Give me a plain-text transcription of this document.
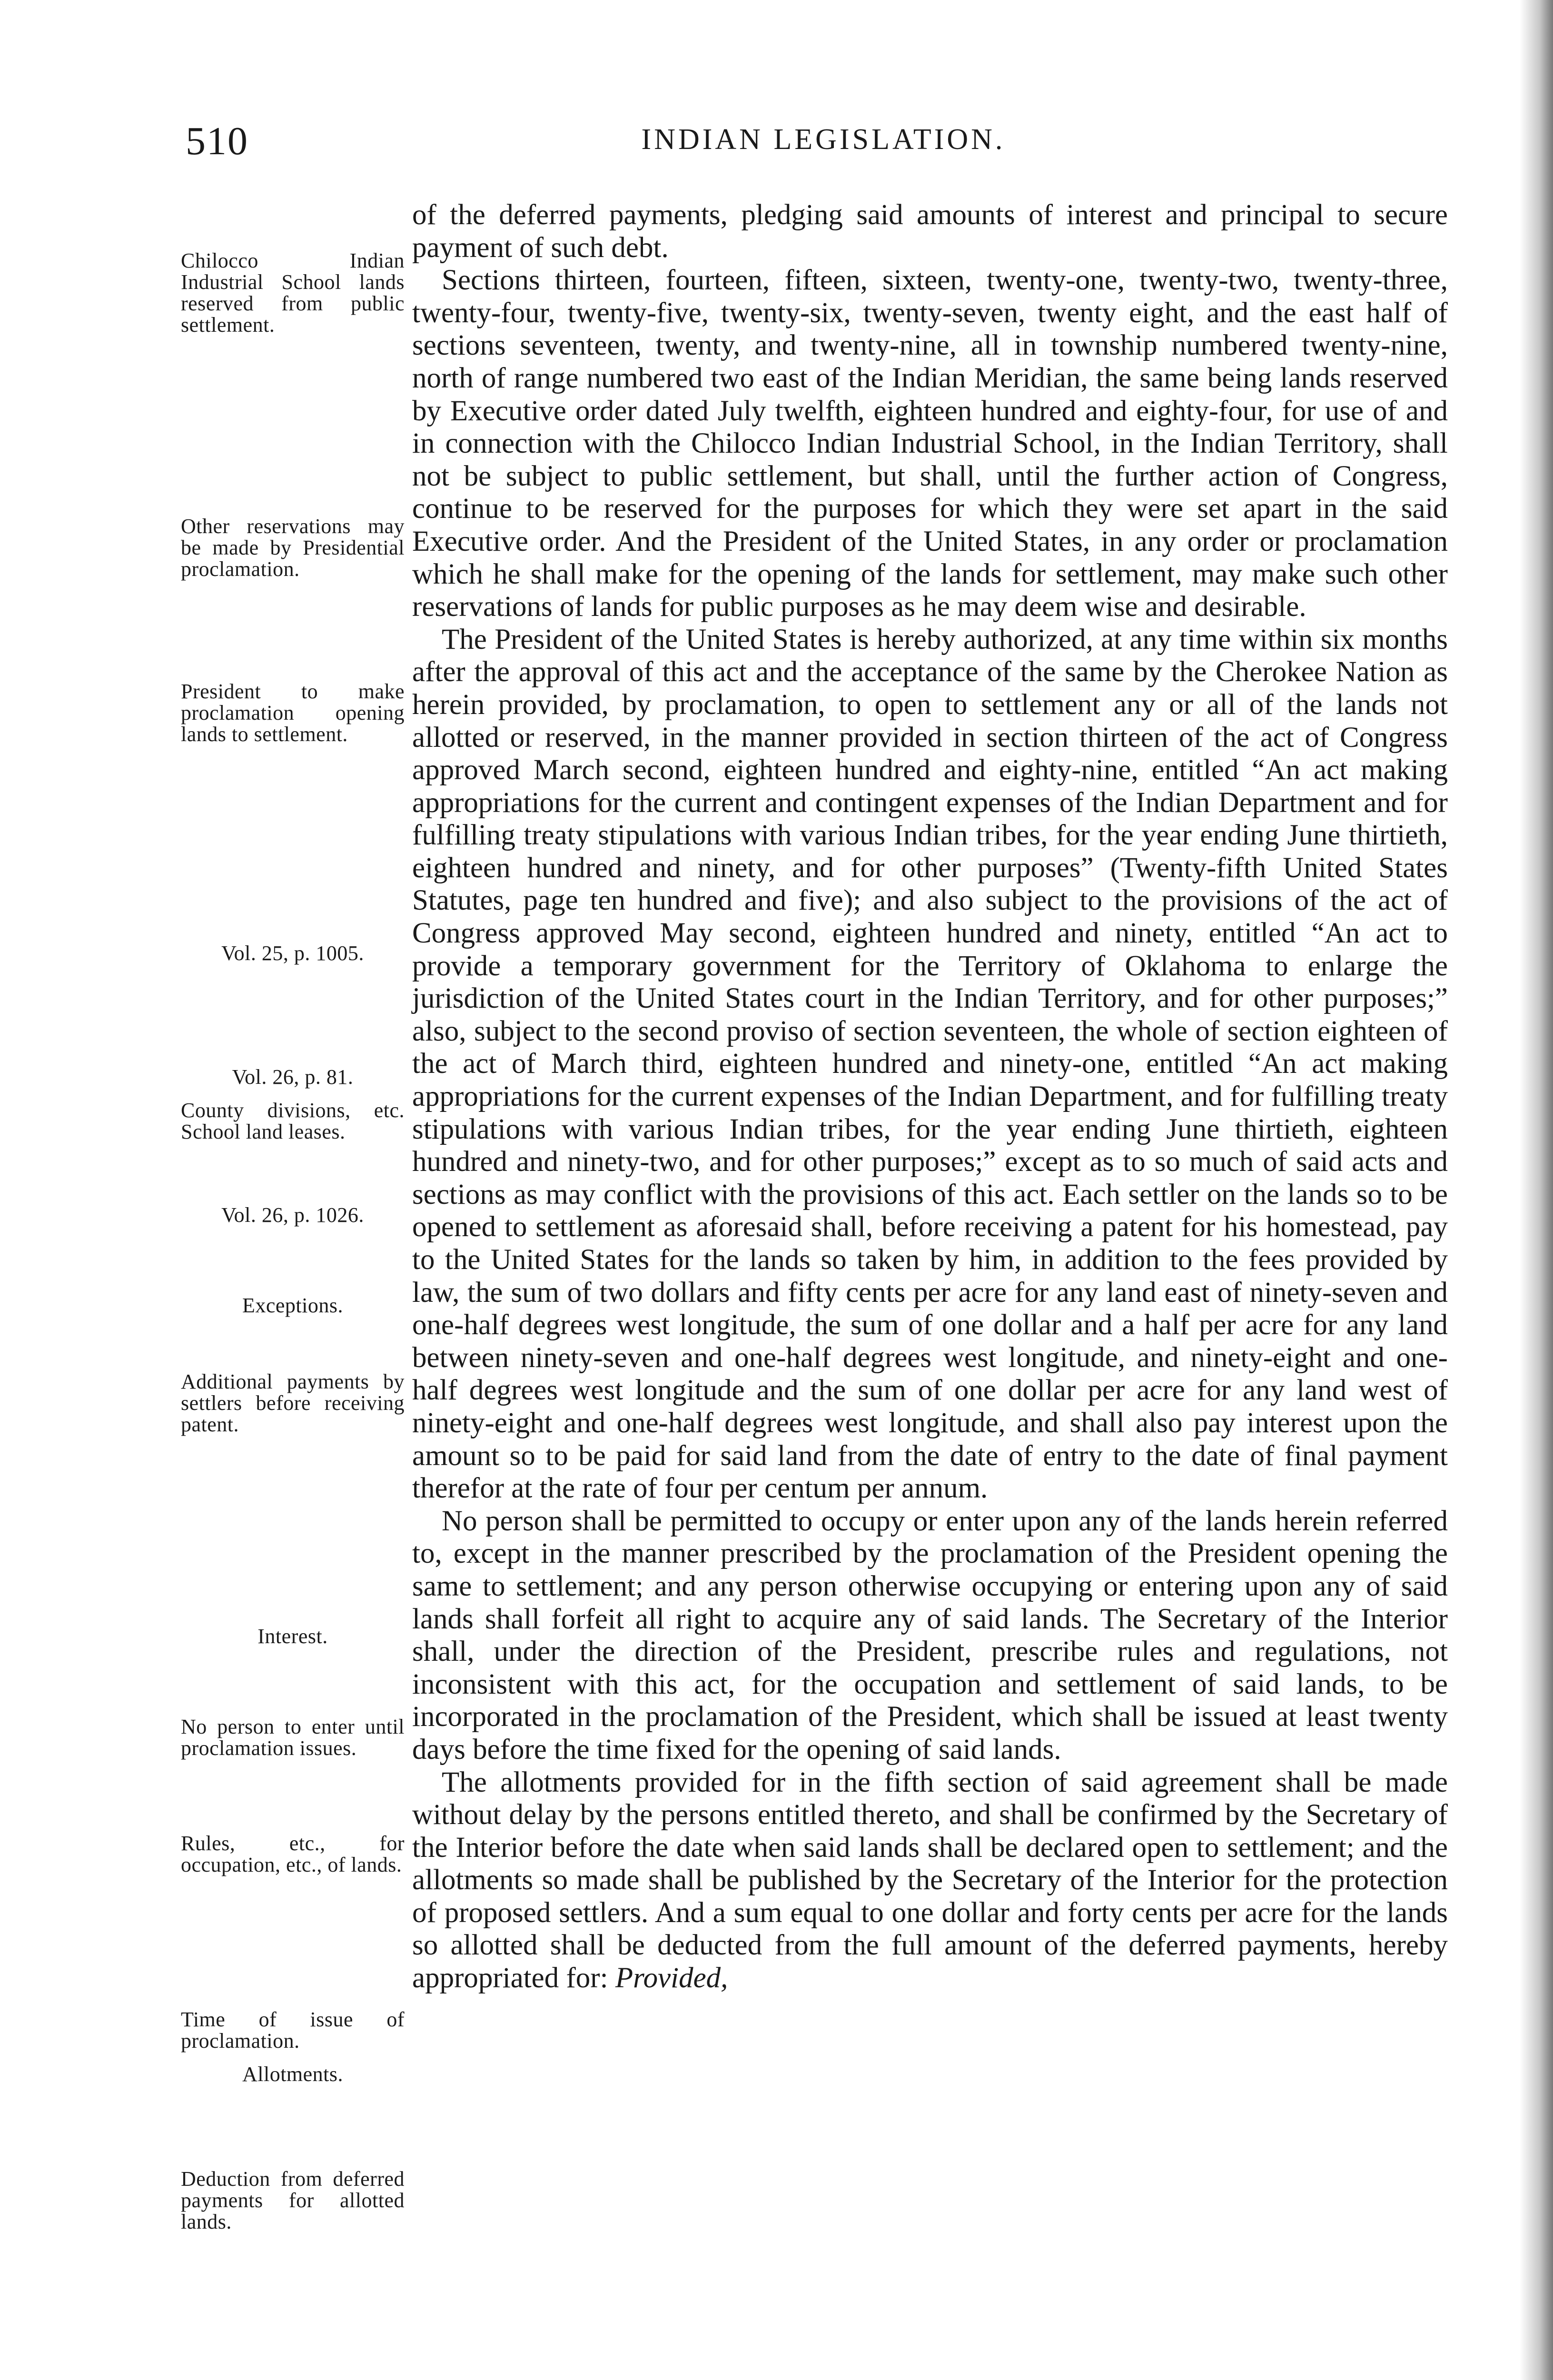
510	INDIAN LEGISLATION.
Chilocco Indian Industrial School lands reserved from public settlement.
Other reservations may be made by Presidential proclamation.
President to make proclamation opening lands to settlement.
Vol. 25, p. 1005.
Vol. 26, p. 81.
County divisions, etc. School land leases.
Vol. 26, p. 1026.
Exceptions.
Additional payments by settlers before receiving patent.
Interest.
No person to enter until proclamation issues.
Rules, etc., for occupation, etc., of lands.
Time of issue of proclamation.
Allotments.
Deduction from deferred payments for allotted lands.

of the deferred payments, pledging said amounts of interest and principal to secure payment of such debt.

Sections thirteen, fourteen, fifteen, sixteen, twenty-one, twenty-two, twenty-three, twenty-four, twenty-five, twenty-six, twenty-seven, twenty eight, and the east half of sections seventeen, twenty, and twenty-nine, all in township numbered twenty-nine, north of range numbered two east of the Indian Meridian, the same being lands reserved by Executive order dated July twelfth, eighteen hundred and eighty-four, for use of and in connection with the Chilocco Indian Industrial School, in the Indian Territory, shall not be subject to public settlement, but shall, until the further action of Congress, continue to be reserved for the purposes for which they were set apart in the said Executive order. And the President of the United States, in any order or proclamation which he shall make for the opening of the lands for settlement, may make such other reservations of lands for public purposes as he may deem wise and desirable.

The President of the United States is hereby authorized, at any time within six months after the approval of this act and the acceptance of the same by the Cherokee Nation as herein provided, by proclamation, to open to settlement any or all of the lands not allotted or reserved, in the manner provided in section thirteen of the act of Congress approved March second, eighteen hundred and eighty-nine, entitled “An act making appropriations for the current and contingent expenses of the Indian Department and for fulfilling treaty stipulations with various Indian tribes, for the year ending June thirtieth, eighteen hundred and ninety, and for other purposes” (Twenty-fifth United States Statutes, page ten hundred and five); and also subject to the provisions of the act of Congress approved May second, eighteen hundred and ninety, entitled “An act to provide a temporary government for the Territory of Oklahoma to enlarge the jurisdiction of the United States court in the Indian Territory, and for other purposes;” also, subject to the second proviso of section seventeen, the whole of section eighteen of the act of March third, eighteen hundred and ninety-one, entitled “An act making appropriations for the current expenses of the Indian Department, and for fulfilling treaty stipulations with various Indian tribes, for the year ending June thirtieth, eighteen hundred and ninety-two, and for other purposes;” except as to so much of said acts and sections as may conflict with the provisions of this act. Each settler on the lands so to be opened to settlement as aforesaid shall, before receiving a patent for his homestead, pay to the United States for the lands so taken by him, in addition to the fees provided by law, the sum of two dollars and fifty cents per acre for any land east of ninety-seven and one-half degrees west longitude, the sum of one dollar and a half per acre for any land between ninety-seven and one-half degrees west longitude, and ninety-eight and one-half degrees west longitude and the sum of one dollar per acre for any land west of ninety-eight and one-half degrees west longitude, and shall also pay interest upon the amount so to be paid for said land from the date of entry to the date of final payment therefor at the rate of four per centum per annum.

No person shall be permitted to occupy or enter upon any of the lands herein referred to, except in the manner prescribed by the proclamation of the President opening the same to settlement; and any person otherwise occupying or entering upon any of said lands shall forfeit all right to acquire any of said lands. The Secretary of the Interior shall, under the direction of the President, prescribe rules and regulations, not inconsistent with this act, for the occupation and settlement of said lands, to be incorporated in the proclamation of the President, which shall be issued at least twenty days before the time fixed for the opening of said lands.

The allotments provided for in the fifth section of said agreement shall be made without delay by the persons entitled thereto, and shall be confirmed by the Secretary of the Interior before the date when said lands shall be declared open to settlement; and the allotments so made shall be published by the Secretary of the Interior for the protection of proposed settlers. And a sum equal to one dollar and forty cents per acre for the lands so allotted shall be deducted from the full amount of the deferred payments, hereby appropriated for: Provided,
